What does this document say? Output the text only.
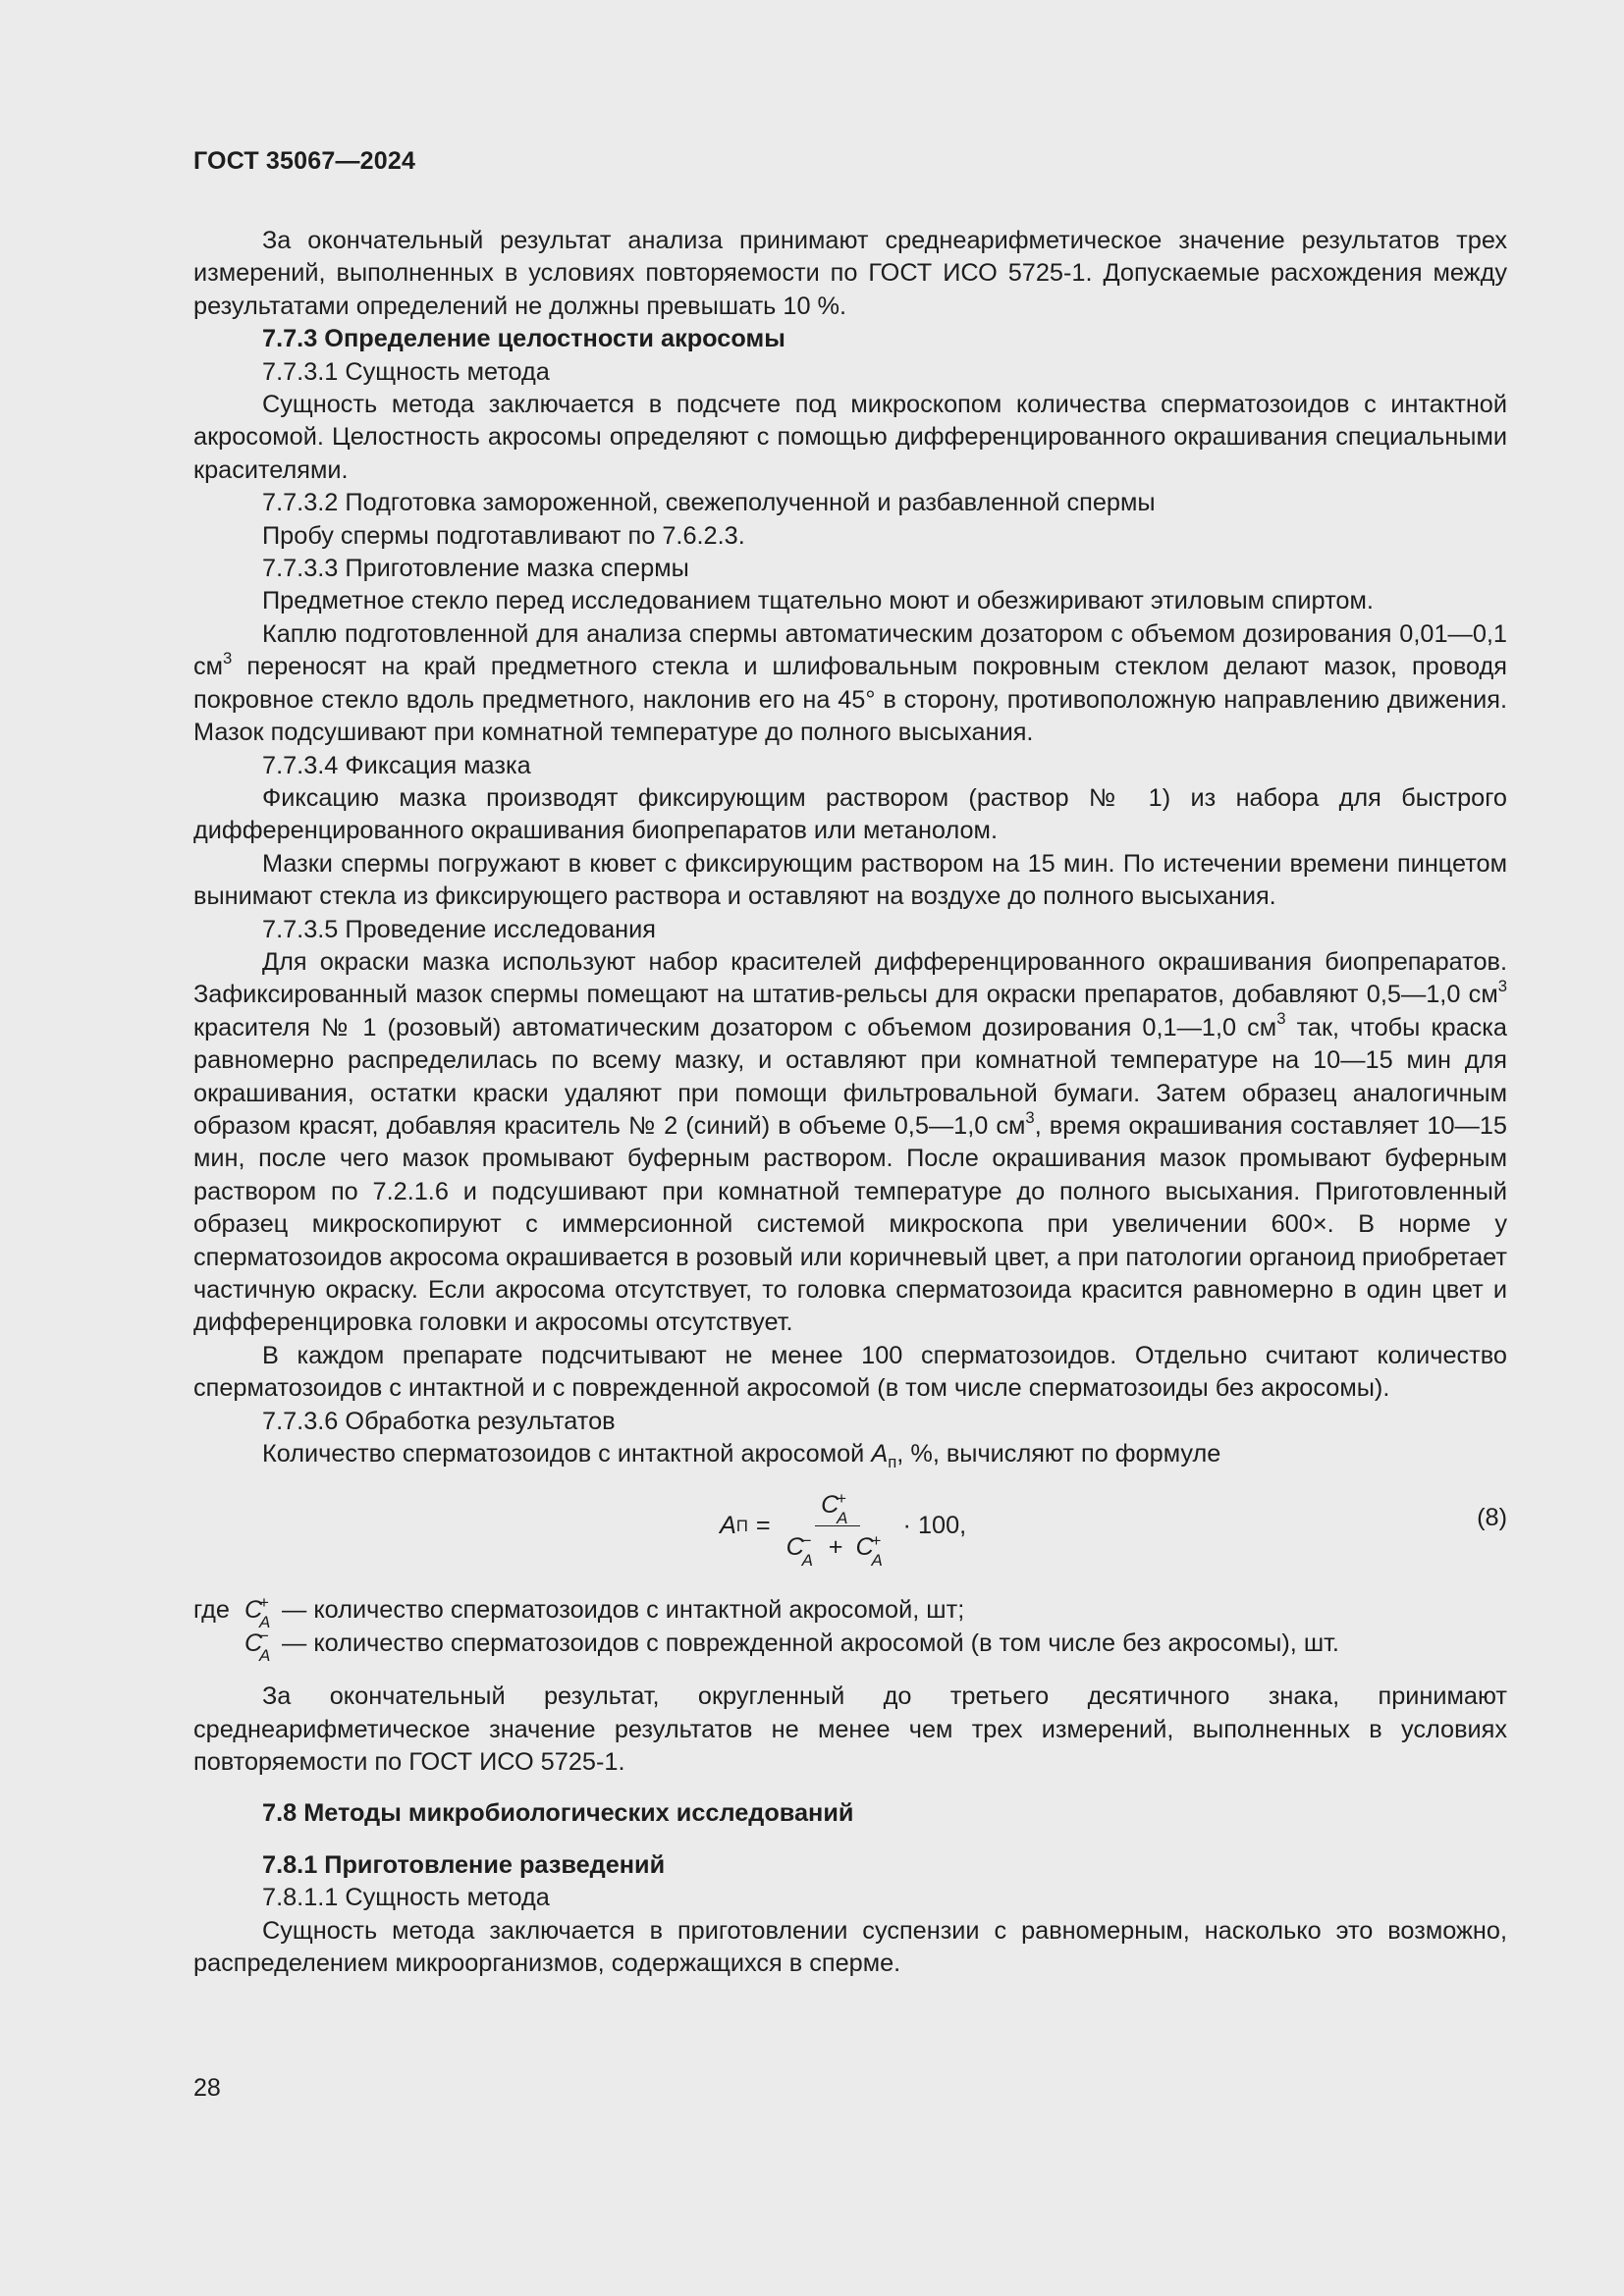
ГОСТ 35067—2024

За окончательный результат анализа принимают среднеарифметическое значение результатов трех измерений, выполненных в условиях повторяемости по ГОСТ ИСО 5725-1. Допускаемые расхождения между результатами определений не должны превышать 10 %.

7.7.3 Определение целостности акросомы

7.7.3.1 Сущность метода

Сущность метода заключается в подсчете под микроскопом количества сперматозоидов с интактной акросомой. Целостность акросомы определяют с помощью дифференцированного окрашивания специальными красителями.

7.7.3.2 Подготовка замороженной, свежеполученной и разбавленной спермы

Пробу спермы подготавливают по 7.6.2.3.

7.7.3.3 Приготовление мазка спермы

Предметное стекло перед исследованием тщательно моют и обезжиривают этиловым спиртом.

Каплю подготовленной для анализа спермы автоматическим дозатором с объемом дозирования 0,01—0,1 $см^3$ переносят на край предметного стекла и шлифовальным покровным стеклом делают мазок, проводя покровное стекло вдоль предметного, наклонив его на 45° в сторону, противоположную направлению движения. Мазок подсушивают при комнатной температуре до полного высыхания.

7.7.3.4 Фиксация мазка

Фиксацию мазка производят фиксирующим раствором (раствор № 1) из набора для быстрого дифференцированного окрашивания биопрепаратов или метанолом.

Мазки спермы погружают в кювет с фиксирующим раствором на 15 мин. По истечении времени пинцетом вынимают стекла из фиксирующего раствора и оставляют на воздухе до полного высыхания.

7.7.3.5 Проведение исследования

Для окраски мазка используют набор красителей дифференцированного окрашивания биопрепаратов. Зафиксированный мазок спермы помещают на штатив-рельсы для окраски препаратов, добавляют 0,5—1,0 $см^3$ красителя № 1 (розовый) автоматическим дозатором с объемом дозирования 0,1—1,0 $см^3$ так, чтобы краска равномерно распределилась по всему мазку, и оставляют при комнатной температуре на 10—15 мин для окрашивания, остатки краски удаляют при помощи фильтровальной бумаги. Затем образец аналогичным образом красят, добавляя краситель № 2 (синий) в объеме 0,5—1,0 $см^3$, время окрашивания составляет 10—15 мин, после чего мазок промывают буферным раствором. После окрашивания мазок промывают буферным раствором по 7.2.1.6 и подсушивают при комнатной температуре до полного высыхания. Приготовленный образец микроскопируют с иммерсионной системой микроскопа при увеличении 600×. В норме у сперматозоидов акросома окрашивается в розовый или коричневый цвет, а при патологии органоид приобретает частичную окраску. Если акросома отсутствует, то головка сперматозоида красится равномерно в один цвет и дифференцировка головки и акросомы отсутствует.

В каждом препарате подсчитывают не менее 100 сперматозоидов. Отдельно считают количество сперматозоидов с интактной и с поврежденной акросомой (в том числе сперматозоиды без акросомы).

7.7.3.6 Обработка результатов

Количество сперматозоидов с интактной акросомой $A_п$, %, вычисляют по формуле

A П = C
+
A
C
−
A + C
+
A · 100,	(8)
где C
+
A — количество сперматозоидов с интактной акросомой, шт;
C
−
A — количество сперматозоидов с поврежденной акросомой (в том числе без акросомы), шт.

За окончательный результат, округленный до третьего десятичного знака, принимают среднеарифметическое значение результатов не менее чем трех измерений, выполненных в условиях повторяемости по ГОСТ ИСО 5725-1.

7.8 Методы микробиологических исследований

7.8.1 Приготовление разведений

7.8.1.1 Сущность метода

Сущность метода заключается в приготовлении суспензии с равномерным, насколько это возможно, распределением микроорганизмов, содержащихся в сперме.

28
